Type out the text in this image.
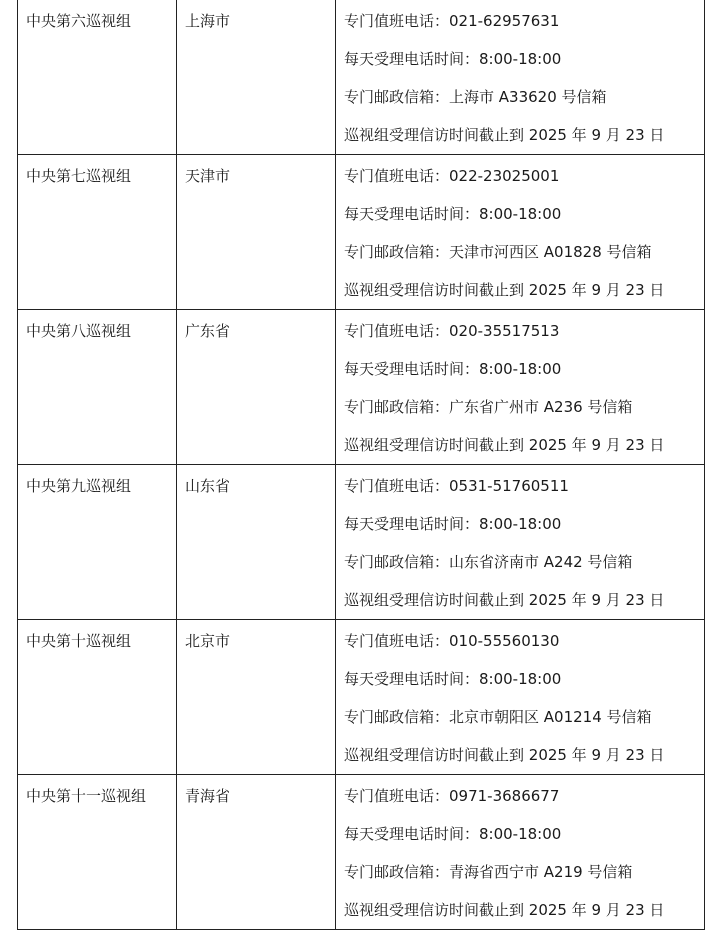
中央第六巡视组	上海市	专门值班电话：021-62957631
每天受理电话时间：8:00-18:00
专门邮政信箱：上海市 A33620 号信箱
巡视组受理信访时间截止到 2025 年 9 月 23 日

中央第七巡视组	天津市	专门值班电话：022-23025001
每天受理电话时间：8:00-18:00
专门邮政信箱：天津市河西区 A01828 号信箱
巡视组受理信访时间截止到 2025 年 9 月 23 日

中央第八巡视组	广东省	专门值班电话：020-35517513
每天受理电话时间：8:00-18:00
专门邮政信箱：广东省广州市 A236 号信箱
巡视组受理信访时间截止到 2025 年 9 月 23 日

中央第九巡视组	山东省	专门值班电话：0531-51760511
每天受理电话时间：8:00-18:00
专门邮政信箱：山东省济南市 A242 号信箱
巡视组受理信访时间截止到 2025 年 9 月 23 日

中央第十巡视组	北京市	专门值班电话：010-55560130
每天受理电话时间：8:00-18:00
专门邮政信箱：北京市朝阳区 A01214 号信箱
巡视组受理信访时间截止到 2025 年 9 月 23 日

中央第十一巡视组	青海省	专门值班电话：0971-3686677
每天受理电话时间：8:00-18:00
专门邮政信箱：青海省西宁市 A219 号信箱
巡视组受理信访时间截止到 2025 年 9 月 23 日
